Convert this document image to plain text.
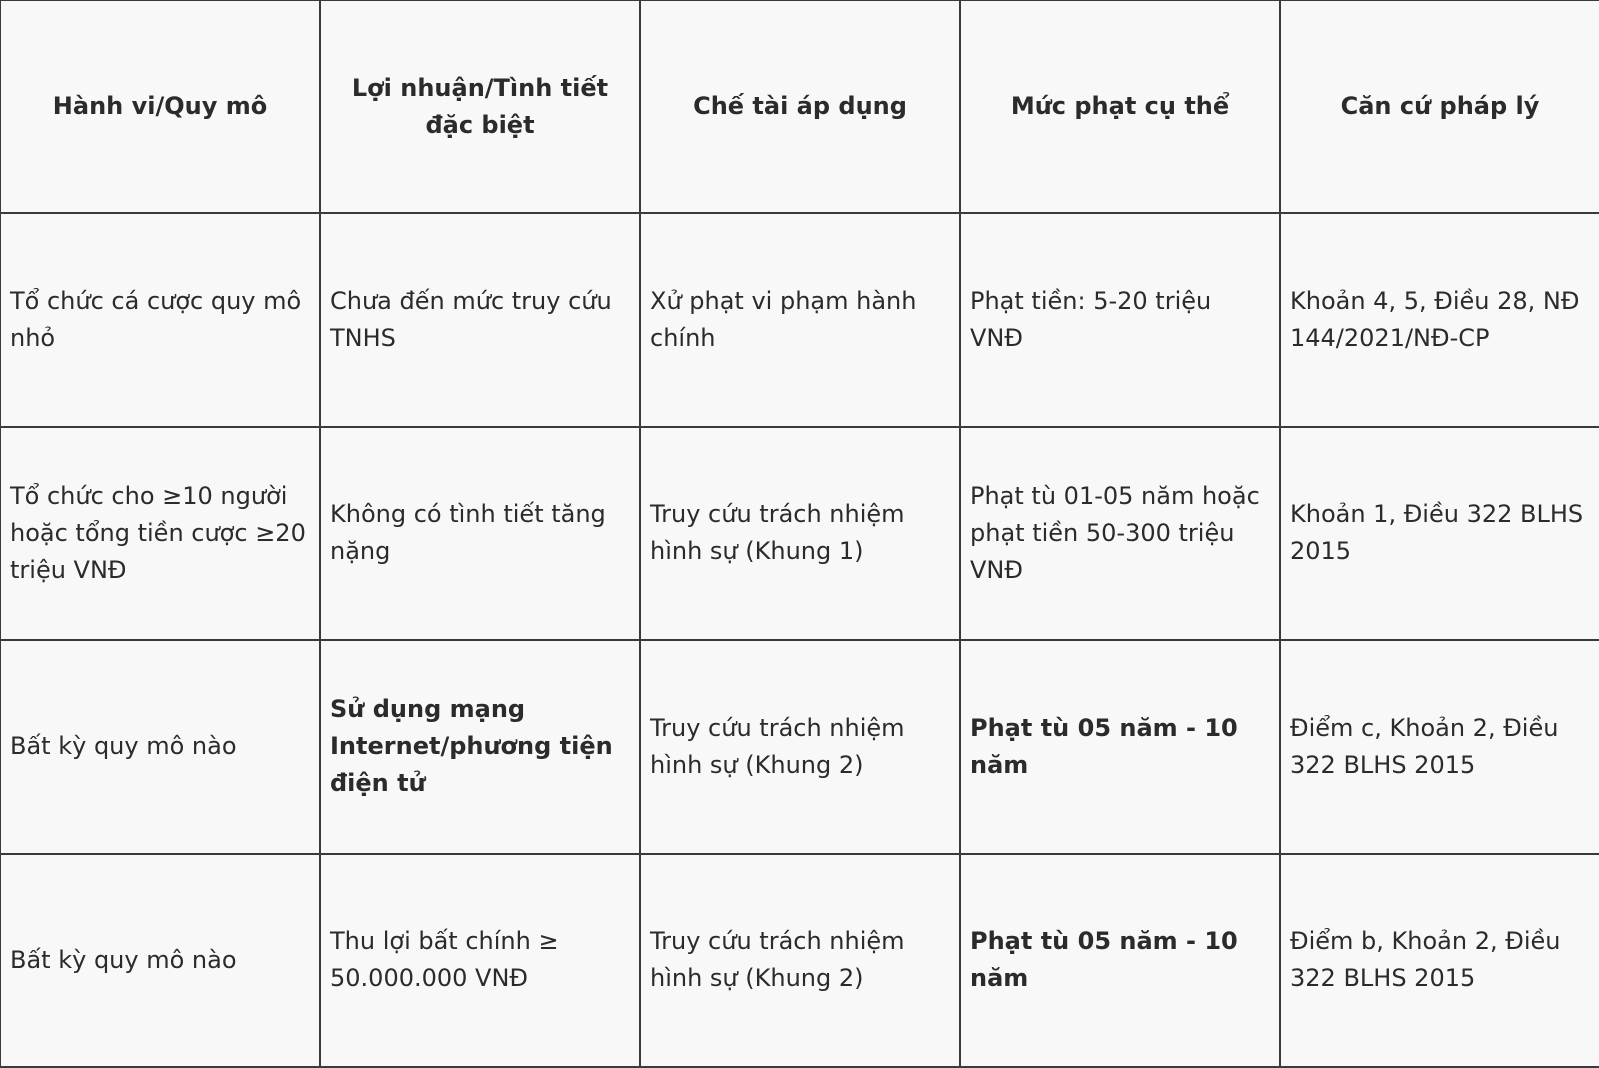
Hành vi/Quy mô	Lợi nhuận/Tình tiết đặc biệt	Chế tài áp dụng	Mức phạt cụ thể	Căn cứ pháp lý
Tổ chức cá cược quy mô nhỏ	Chưa đến mức truy cứu TNHS	Xử phạt vi phạm hành chính	Phạt tiền: 5-20 triệu VNĐ	Khoản 4, 5, Điều 28, NĐ 144/2021/NĐ-CP
Tổ chức cho ≥10 người hoặc tổng tiền cược ≥20 triệu VNĐ	Không có tình tiết tăng nặng	Truy cứu trách nhiệm hình sự (Khung 1)	Phạt tù 01-05 năm hoặc phạt tiền 50-300 triệu VNĐ	Khoản 1, Điều 322 BLHS 2015
Bất kỳ quy mô nào	Sử dụng mạng Internet/phương tiện điện tử	Truy cứu trách nhiệm hình sự (Khung 2)	Phạt tù 05 năm - 10 năm	Điểm c, Khoản 2, Điều 322 BLHS 2015
Bất kỳ quy mô nào	Thu lợi bất chính ≥ 50.000.000 VNĐ	Truy cứu trách nhiệm hình sự (Khung 2)	Phạt tù 05 năm - 10 năm	Điểm b, Khoản 2, Điều 322 BLHS 2015
